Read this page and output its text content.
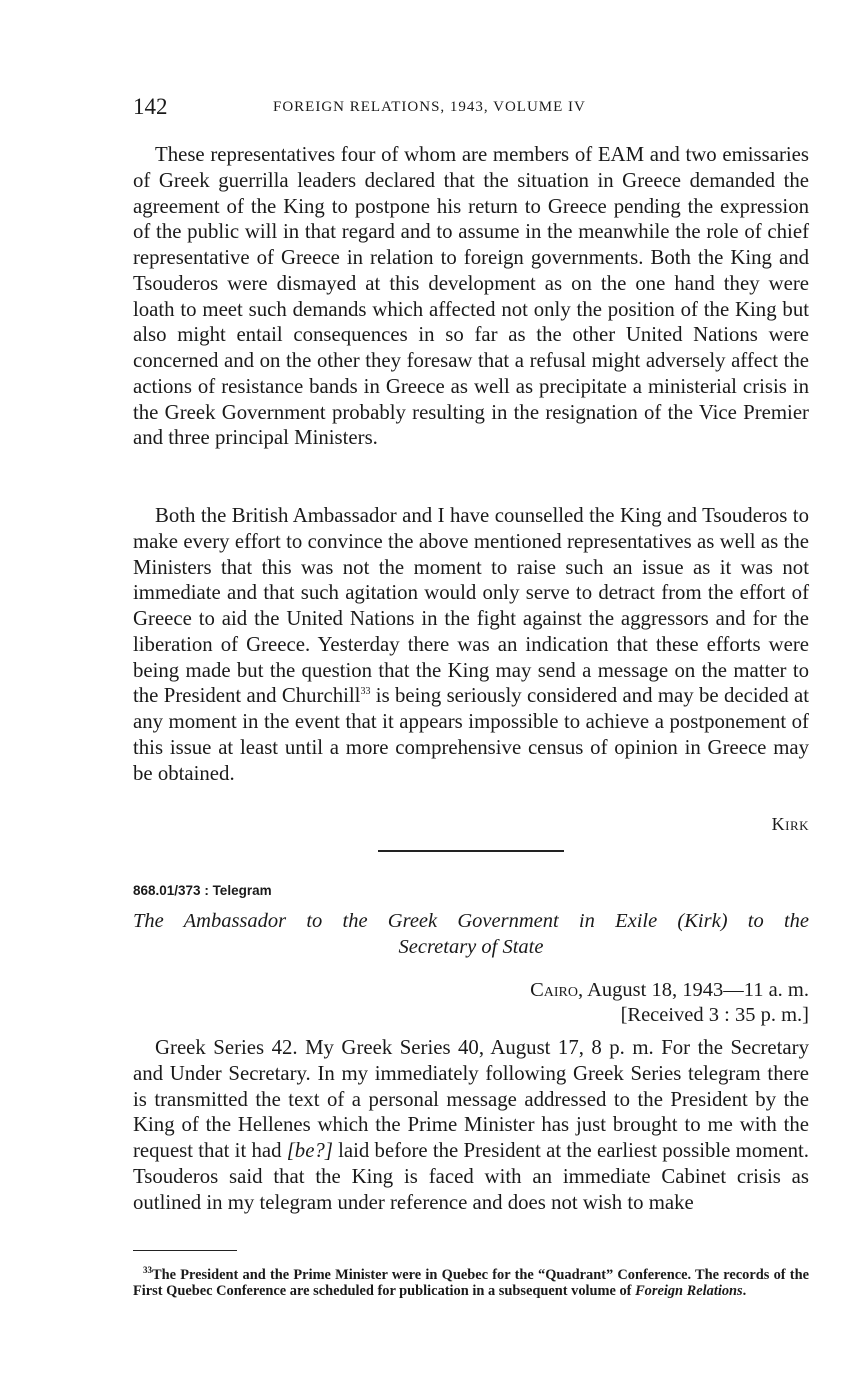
142	FOREIGN RELATIONS, 1943, VOLUME IV

These representatives four of whom are members of EAM and two emissaries of Greek guerrilla leaders declared that the situation in Greece demanded the agreement of the King to postpone his return to Greece pending the expression of the public will in that regard and to assume in the meanwhile the role of chief representative of Greece in relation to foreign governments. Both the King and Tsouderos were dismayed at this development as on the one hand they were loath to meet such demands which affected not only the position of the King but also might entail consequences in so far as the other United Nations were concerned and on the other they foresaw that a refusal might adversely affect the actions of resistance bands in Greece as well as precipitate a ministerial crisis in the Greek Government probably resulting in the resignation of the Vice Premier and three principal Ministers.

Both the British Ambassador and I have counselled the King and Tsouderos to make every effort to convince the above mentioned representatives as well as the Ministers that this was not the moment to raise such an issue as it was not immediate and that such agitation would only serve to detract from the effort of Greece to aid the United Nations in the fight against the aggressors and for the liberation of Greece. Yesterday there was an indication that these efforts were being made but the question that the King may send a message on the matter to the President and Churchill$^{33}$ is being seriously considered and may be decided at any moment in the event that it appears impossible to achieve a postponement of this issue at least until a more comprehensive census of opinion in Greece may be obtained.

Kirk
868.01/373 : Telegram
The Ambassador to the Greek Government in Exile (Kirk) to the
Secretary of State
Cairo, August 18, 1943—11 a. m.
[Received 3 : 35 p. m.]

Greek Series 42. My Greek Series 40, August 17, 8 p. m. For the Secretary and Under Secretary. In my immediately following Greek Series telegram there is transmitted the text of a personal message addressed to the President by the King of the Hellenes which the Prime Minister has just brought to me with the request that it had [be?] laid before the President at the earliest possible moment. Tsouderos said that the King is faced with an immediate Cabinet crisis as outlined in my telegram under reference and does not wish to make

$^{33}$The President and the Prime Minister were in Quebec for the “Quadrant” Conference. The records of the First Quebec Conference are scheduled for publication in a subsequent volume of Foreign Relations.
